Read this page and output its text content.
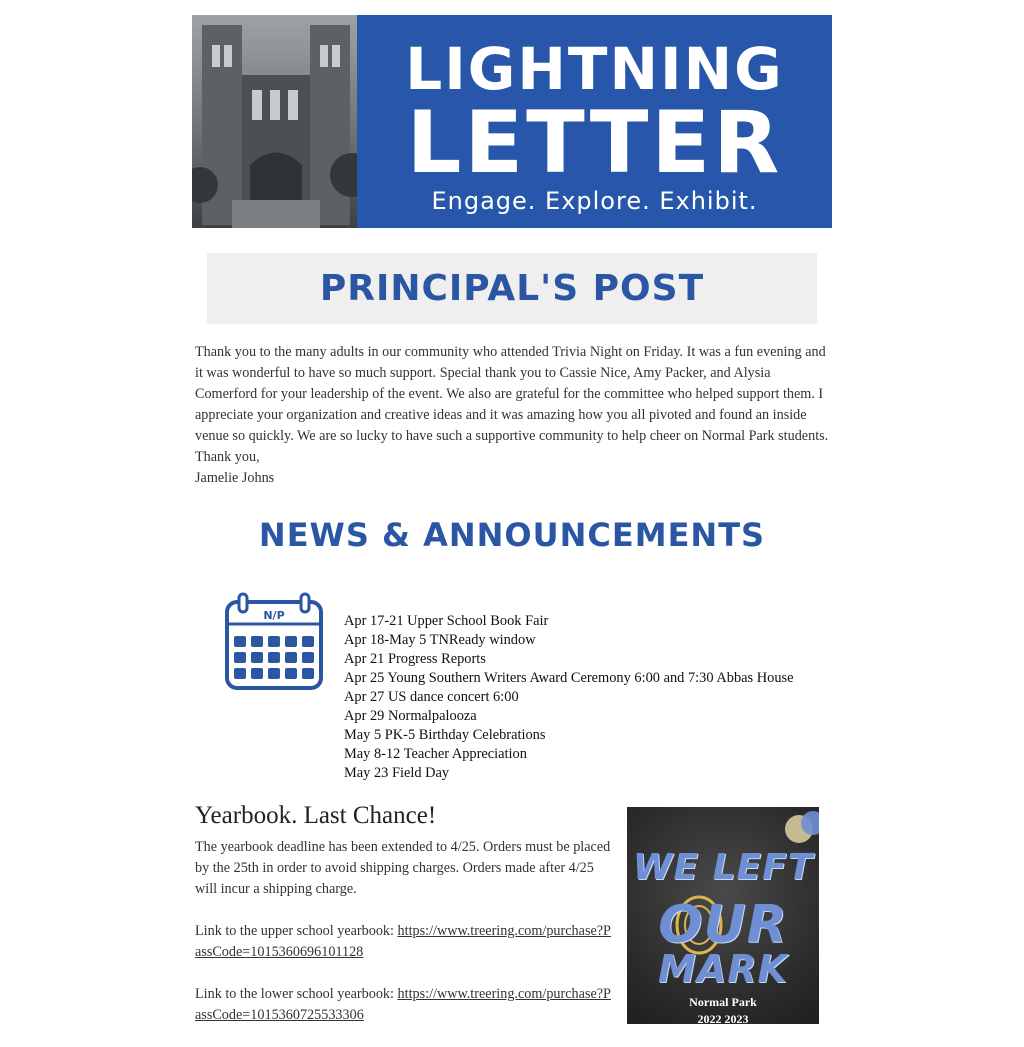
LIGHTNING
LETTER
Engage. Explore. Exhibit.
PRINCIPAL'S POST

Thank you to the many adults in our community who attended Trivia Night on Friday. It was a fun evening and it was wonderful to have so much support. Special thank you to Cassie Nice, Amy Packer, and Alysia Comerford for your leadership of the event. We also are grateful for the committee who helped support them. I appreciate your organization and creative ideas and it was amazing how you all pivoted and found an inside venue so quickly. We are so lucky to have such a supportive community to help cheer on Normal Park students.

Thank you,

Jamelie Johns

NEWS & ANNOUNCEMENTS
N/P	Apr 17-21 Upper School Book Fair
Apr 18-May 5 TNReady window
Apr 21 Progress Reports
Apr 25 Young Southern Writers Award Ceremony 6:00 and 7:30 Abbas House
Apr 27 US dance concert 6:00
Apr 29 Normalpalooza
May 5 PK-5 Birthday Celebrations
May 8-12 Teacher Appreciation
May 23 Field Day
Yearbook. Last Chance!

The yearbook deadline has been extended to 4/25. Orders must be placed by the 25th in order to avoid shipping charges. Orders made after 4/25 will incur a shipping charge.

Link to the upper school yearbook: https://www.treering.com/purchase?PassCode=1015360696101128

Link to the lower school yearbook: https://www.treering.com/purchase?PassCode=1015360725533306

WE LEFT
OUR
MARK
Normal Park
2022 2023
